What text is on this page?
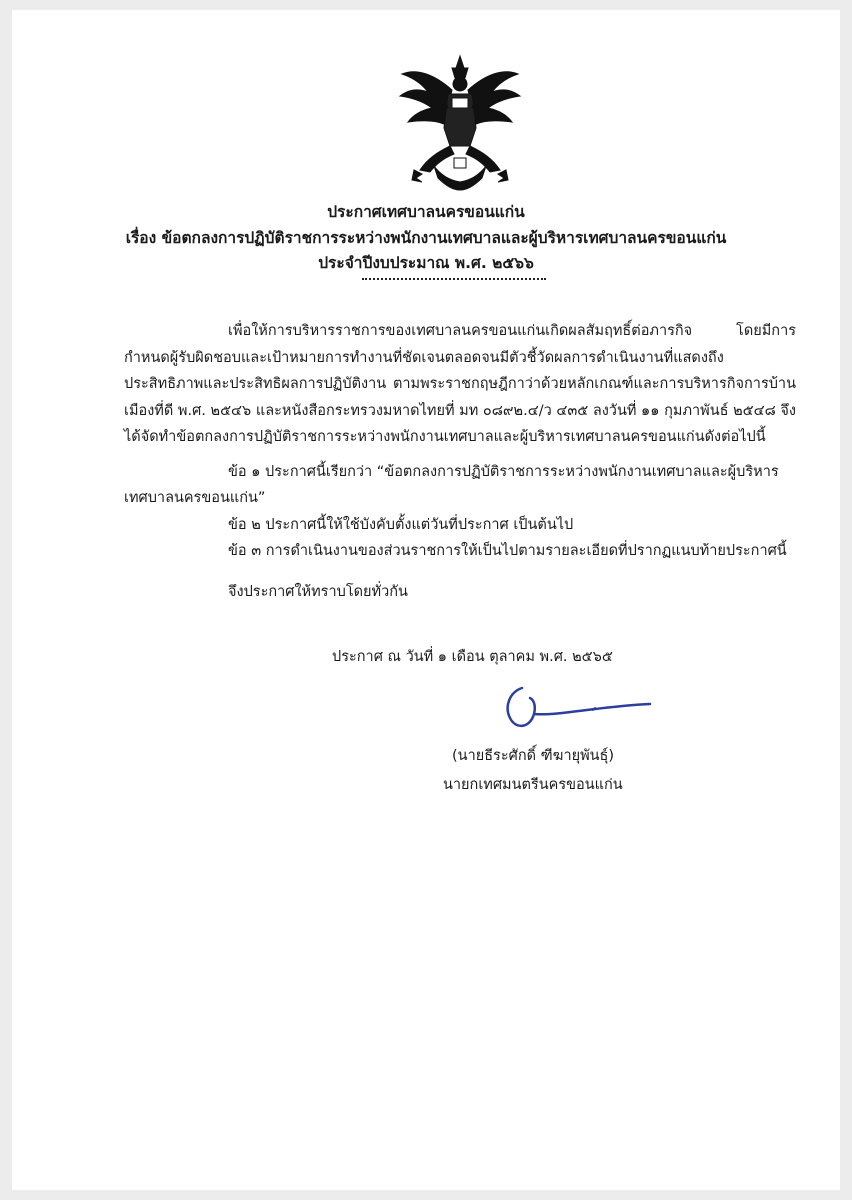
ประกาศเทศบาลนครขอนแก่น
เรื่อง ข้อตกลงการปฏิบัติราชการระหว่างพนักงานเทศบาลและผู้บริหารเทศบาลนครขอนแก่น
ประจำปีงบประมาณ พ.ศ. ๒๕๖๖

เพื่อให้การบริหารราชการของเทศบาลนครขอนแก่นเกิดผลสัมฤทธิ์ต่อภารกิจ โดยมีการกำหนดผู้รับผิดชอบและเป้าหมายการทำงานที่ชัดเจนตลอดจนมีตัวชี้วัดผลการดำเนินงานที่แสดงถึงประสิทธิภาพและประสิทธิผลการปฏิบัติงาน ตามพระราชกฤษฎีกาว่าด้วยหลักเกณฑ์และการบริหารกิจการบ้านเมืองที่ดี พ.ศ. ๒๕๔๖ และหนังสือกระทรวงมหาดไทยที่ มท ๐๘๙๒.๔/ว ๔๓๕ ลงวันที่ ๑๑ กุมภาพันธ์ ๒๕๔๘ จึงได้จัดทำข้อตกลงการปฏิบัติราชการระหว่างพนักงานเทศบาลและผู้บริหารเทศบาลนครขอนแก่นดังต่อไปนี้

ข้อ ๑ ประกาศนี้เรียกว่า “ข้อตกลงการปฏิบัติราชการระหว่างพนักงานเทศบาลและผู้บริหาร

เทศบาลนครขอนแก่น”

ข้อ ๒ ประกาศนี้ให้ใช้บังคับตั้งแต่วันที่ประกาศ เป็นต้นไป

ข้อ ๓ การดำเนินงานของส่วนราชการให้เป็นไปตามรายละเอียดที่ปรากฏแนบท้ายประกาศนี้

จึงประกาศให้ทราบโดยทั่วกัน

ประกาศ ณ วันที่ ๑ เดือน ตุลาคม พ.ศ. ๒๕๖๕
(นายธีระศักดิ์ ฑีฆายุพันธุ์)
นายกเทศมนตรีนครขอนแก่น
